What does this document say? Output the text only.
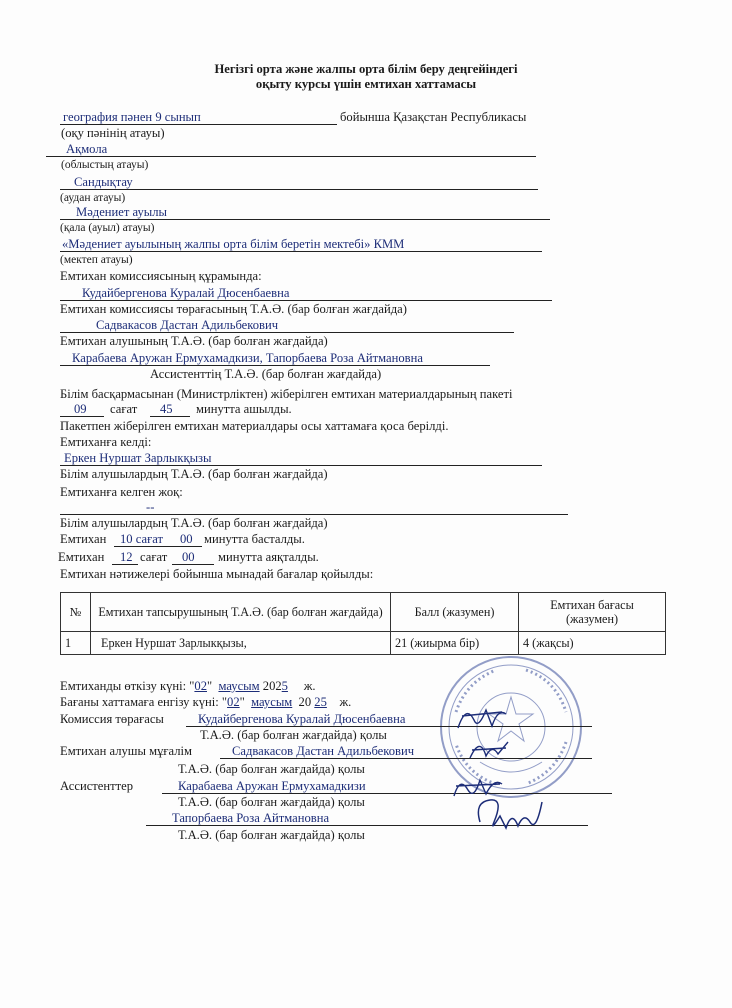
Негізгі орта және жалпы орта білім беру деңгейіндегі
оқыту курсы үшін емтихан хаттамасы
география пәнен 9 сынып	бойынша Қазақстан Республикасы
(оқу пәнінің атауы)
Ақмола
(облыстың атауы)
Сандықтау
(аудан атауы)
Мәдениет ауылы
(қала (ауыл) атауы)
«Мәдениет ауылының жалпы орта білім беретін мектебі» КММ
(мектеп атауы)
Емтихан комиссиясының құрамында:
Кудайбергенова Куралай Дюсенбаевна
Емтихан комиссиясы төрағасының Т.А.Ә. (бар болған жағдайда)
Садвакасов Дастан Адильбекович
Емтихан алушының Т.А.Ә. (бар болған жағдайда)
Карабаева Аружан Ермухамадкизи, Тапорбаева Роза Айтмановна
Ассистенттің Т.А.Ә. (бар болған жағдайда)
Білім басқармасынан (Министрліктен) жіберілген емтихан материалдарының пакеті
09 сағат 45 минутта ашылды.
Пакетпен жіберілген емтихан материалдары осы хаттамаға қоса берілді.
Емтиханға келді:
Еркен Нуршат Зарлыкқызы
Білім алушылардың Т.А.Ә. (бар болған жағдайда)
Емтиханға келген жоқ:
--
Білім алушылардың Т.А.Ә. (бар болған жағдайда)
Емтихан 10 сағат 00 минутта басталды.
Емтихан 12 сағат 00 минутта аяқталды.
Емтихан нәтижелері бойынша мынадай бағалар қойылды:
№	Емтихан тапсырушының Т.А.Ә. (бар болған жағдайда)	Балл (жазумен)	Емтихан бағасы (жазумен)
1	Еркен Нуршат Зарлыкқызы,	21 (жиырма бір)	4 (жақсы)
Емтиханды өткізу күні: "02"  маусым 2025 ж.
Бағаны хаттамаға енгізу күні: "02"  маусым 20 25 ж.
Комиссия төрағасы	Кудайбергенова Куралай Дюсенбаевна
Т.А.Ә. (бар болған жағдайда) қолы
Емтихан алушы мұғалім	Садвакасов Дастан Адильбекович
Т.А.Ә. (бар болған жағдайда) қолы
Ассистенттер	Карабаева Аружан Ермухамадкизи
Т.А.Ә. (бар болған жағдайда) қолы
Тапорбаева Роза Айтмановна
Т.А.Ә. (бар болған жағдайда) қолы
